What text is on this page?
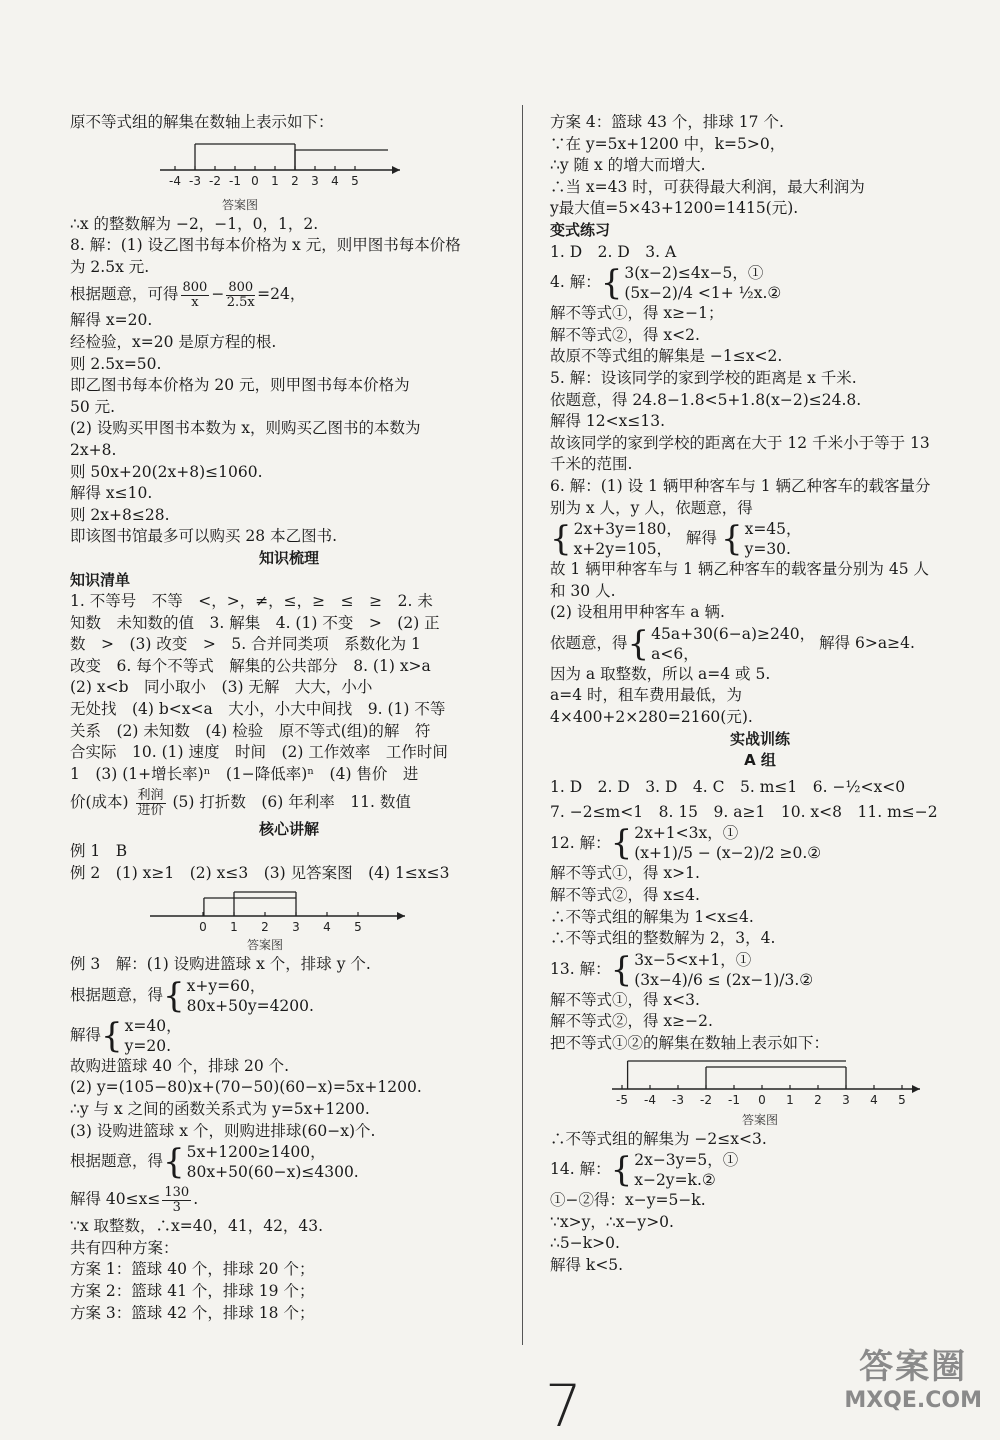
原不等式组的解集在数轴上表示如下：
-4 -3 -2 -1 0 1 2 3 4 5
答案图
∴x 的整数解为 −2，−1，0，1，2.
8. 解：(1) 设乙图书每本价格为 x 元，则甲图书每本价格
为 2.5x 元.
根据题意，可得 $\frac{800}{x} - \frac{800}{2.5x} =24$，
解得 x=20.
经检验，x=20 是原方程的根.
则 2.5x=50.
即乙图书每本价格为 20 元，则甲图书每本价格为
50 元.
(2) 设购买甲图书本数为 x，则购买乙图书的本数为
2x+8.
则 50x+20(2x+8)≤1060.
解得 x≤10.
则 2x+8≤28.
即该图书馆最多可以购买 28 本乙图书.
知识梳理
知识清单
1. 不等号　不等　<，>，≠，≤，≥　≤　≥　2. 未
知数　未知数的值　3. 解集　4. (1) 不变　>　(2) 正
数　>　(3) 改变　>　5. 合并同类项　系数化为 1
改变　6. 每个不等式　解集的公共部分　8. (1) x>a
(2) x<b　同小取小　(3) 无解　大大，小小
无处找　(4) b<x<a　大小，小大中间找　9. (1) 不等
关系　(2) 未知数　(4) 检验　原不等式(组)的解　符
合实际　10. (1) 速度　时间　(2) 工作效率　工作时间
1　(3) (1+增长率)ⁿ　(1−降低率)ⁿ　(4) 售价　进
价(成本) $\frac{\text{利润}}{\text{进价}} (5)$ 打折数　(6) 年利率　11. 数值
核心讲解
例 1　B
例 2　(1) x≥1　(2) x≤3　(3) 见答案图　(4) 1≤x≤3
0 1 2 3 4 5
答案图
例 3　解：(1) 设购进篮球 x 个，排球 y 个.
根据题意，得 { x+y=60，
80x+50y=4200.
解得 { x=40，
y=20.
故购进篮球 40 个，排球 20 个.
(2) y=(105−80)x+(70−50)(60−x)=5x+1200.
∴y 与 x 之间的函数关系式为 y=5x+1200.
(3) 设购进篮球 x 个，则购进排球(60−x)个.
根据题意，得 { 5x+1200≥1400，
80x+50(60−x)≤4300.
解得 $40\le x\le \frac{130}{3}$ .
∵x 取整数，∴x=40，41，42，43.
共有四种方案：
方案 1：篮球 40 个，排球 20 个；
方案 2：篮球 41 个，排球 19 个；
方案 3：篮球 42 个，排球 18 个；
方案 4：篮球 43 个，排球 17 个.
∵在 y=5x+1200 中，k=5>0，
∴y 随 x 的增大而增大.
∴当 x=43 时，可获得最大利润，最大利润为
y最大值=5×43+1200=1415(元).
变式练习
1. D　2. D　3. A
4. 解： { 3(x−2)≤4x−5，①
(5x−2)/4 <1+ ½x.②
解不等式①，得 x≥−1；
解不等式②，得 x<2.
故原不等式组的解集是 −1≤x<2.
5. 解：设该同学的家到学校的距离是 x 千米.
依题意，得 24.8−1.8<5+1.8(x−2)≤24.8.
解得 12<x≤13.
故该同学的家到学校的距离在大于 12 千米小于等于 13
千米的范围.
6. 解：(1) 设 1 辆甲种客车与 1 辆乙种客车的载客量分
别为 x 人，y 人，依题意，得
{ 2x+3y=180，
x+2y=105，
解得 { x=45，
y=30.
故 1 辆甲种客车与 1 辆乙种客车的载客量分别为 45 人
和 30 人.
(2) 设租用甲种客车 a 辆.
依题意，得 { 45a+30(6−a)≥240，
a<6，
解得 6>a≥4.
因为 a 取整数，所以 a=4 或 5.
a=4 时，租车费用最低，为
4×400+2×280=2160(元).
实战训练
A 组
1. D　2. D　3. D　4. C　5. m≤1　6. −½<x<0
7. −2≤m<1　8. 15　9. a≥1　10. x<8　11. m≤−2
12. 解： { 2x+1<3x，①
(x+1)/5 − (x−2)/2 ≥0.②
解不等式①，得 x>1.
解不等式②，得 x≤4.
∴不等式组的解集为 1<x≤4.
∴不等式组的整数解为 2，3，4.
13. 解： { 3x−5<x+1，①
(3x−4)/6 ≤ (2x−1)/3.②
解不等式①，得 x<3.
解不等式②，得 x≥−2.
把不等式①②的解集在数轴上表示如下：
-5 -4 -3 -2 -1 0 1 2 3 4 5
答案图
∴不等式组的解集为 −2≤x<3.
14. 解： { 2x−3y=5，①
x−2y=k.②
①−②得：x−y=5−k.
∵x>y，∴x−y>0.
∴5−k>0.
解得 k<5.
7
答案圈
MXQE.COM
